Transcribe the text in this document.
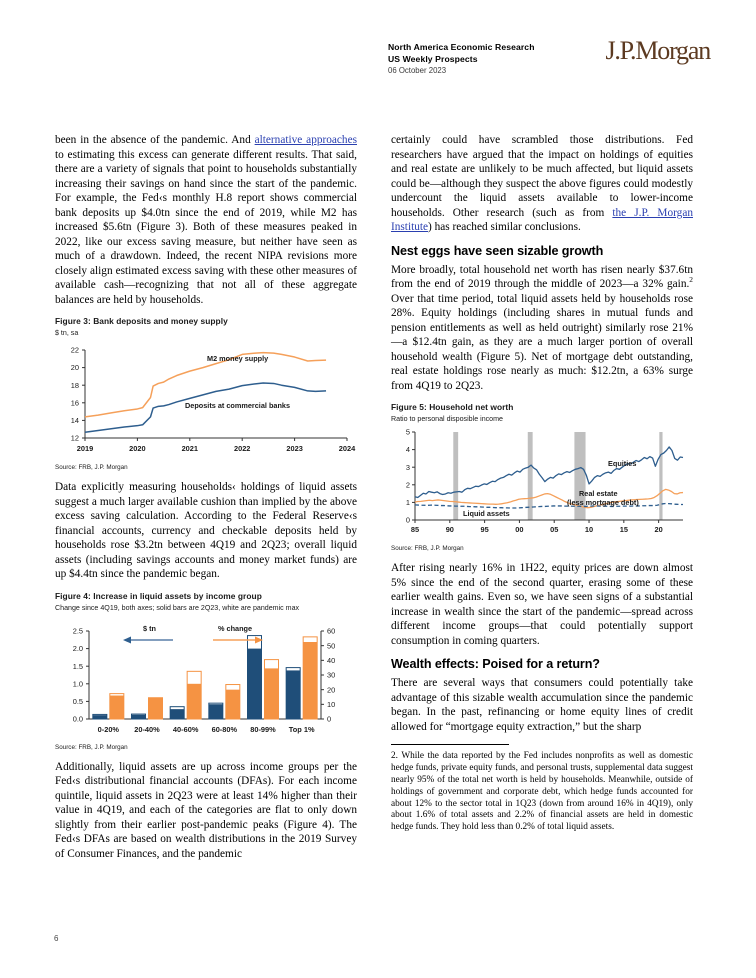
North America Economic Research
US Weekly Prospects
06 October 2023
J.P.Morgan

been in the absence of the pandemic. And alternative approaches to estimating this excess can generate different results. That said, there are a variety of signals that point to households substantially increasing their savings on hand since the start of the pandemic. For example, the Fed‹s monthly H.8 report shows commercial bank deposits up $4.0tn since the end of 2019, while M2 has increased $5.6tn (Figure 3). Both of these measures peaked in 2022, like our excess saving measure, but neither have seen as much of a drawdown. Indeed, the recent NIPA revisions more closely align estimated excess saving with these other measures of available cash—recognizing that not all of these aggregate balances are held by households.

Figure 3: Bank deposits and money supply
$ tn, sa
12
14
16
18
20
22
2019	2020	2021	2022	2023	2024
M2 money supply
Deposits at commercial banks
Source: FRB, J.P. Morgan

Data explicitly measuring households‹ holdings of liquid assets suggest a much larger available cushion than implied by the above excess saving calculation. According to the Federal Reserve‹s financial accounts, currency and checkable deposits held by households rose $3.2tn between 4Q19 and 2Q23; overall liquid assets (including savings accounts and money market funds) are up $4.4tn since the pandemic began.

Figure 4: Increase in liquid assets by income group
Change since 4Q19, both axes; solid bars are 2Q23, white are pandemic max
0.0
0.5
1.0
1.5
2.0
2.5
0
10
20
30
40
50
60
0-20% 20-40% 40-60% 60-80% 80-99% Top 1%
$ tn	% change
Source: FRB, J.P. Morgan

Additionally, liquid assets are up across income groups per the Fed‹s distributional financial accounts (DFAs). For each income quintile, liquid assets in 2Q23 were at least 14% higher than their value in 4Q19, and each of the categories are flat to only down slightly from their earlier post-pandemic peaks (Figure 4). The Fed‹s DFAs are based on wealth distributions in the 2019 Survey of Consumer Finances, and the pandemic

certainly could have scrambled those distributions. Fed researchers have argued that the impact on holdings of equities and real estate are unlikely to be much affected, but liquid assets could be—although they suspect the above figures could modestly undercount the liquid assets available to lower-income households. Other research (such as from the J.P. Morgan Institute) has reached similar conclusions.

Nest eggs have seen sizable growth

More broadly, total household net worth has risen nearly $37.6tn from the end of 2019 through the middle of 2023—a 32% gain.$^2$ Over that time period, total liquid assets held by households rose 28%. Equity holdings (including shares in mutual funds and pension entitlements as well as held outright) similarly rose 21%—a $12.4tn gain, as they are a much larger portion of overall household wealth (Figure 5). Net of mortgage debt outstanding, real estate holdings rose nearly as much: $12.2tn, a 63% surge from 4Q19 to 2Q23.

Figure 5: Household net worth
Ratio to personal disposible income
0
1
2
3
4
5
85	90	95	00	05	10	15	20
Equities
Real estate
(less mortgage debt)
Liquid assets
Source: FRB, J.P. Morgan

After rising nearly 16% in 1H22, equity prices are down almost 5% since the end of the second quarter, erasing some of these earlier wealth gains. Even so, we have seen signs of a substantial increase in wealth since the start of the pandemic—spread across different income groups—that could potentially support consumption in coming quarters.

Wealth effects: Poised for a return?

There are several ways that consumers could potentially take advantage of this sizable wealth accumulation since the pandemic began. In the past, refinancing or home equity lines of credit allowed for “mortgage equity extraction,” but the sharp

2. While the data reported by the Fed includes nonprofits as well as domestic hedge funds, private equity funds, and personal trusts, supplemental data suggest nearly 95% of the total net worth is held by households. Meanwhile, outside of holdings of government and corporate debt, which hedge funds accounted for about 12% to the sector total in 1Q23 (down from around 16% in 4Q19), only about 1.6% of total assets and 2.2% of financial assets are held in domestic hedge funds. They hold less than 0.2% of total liquid assets.

6
